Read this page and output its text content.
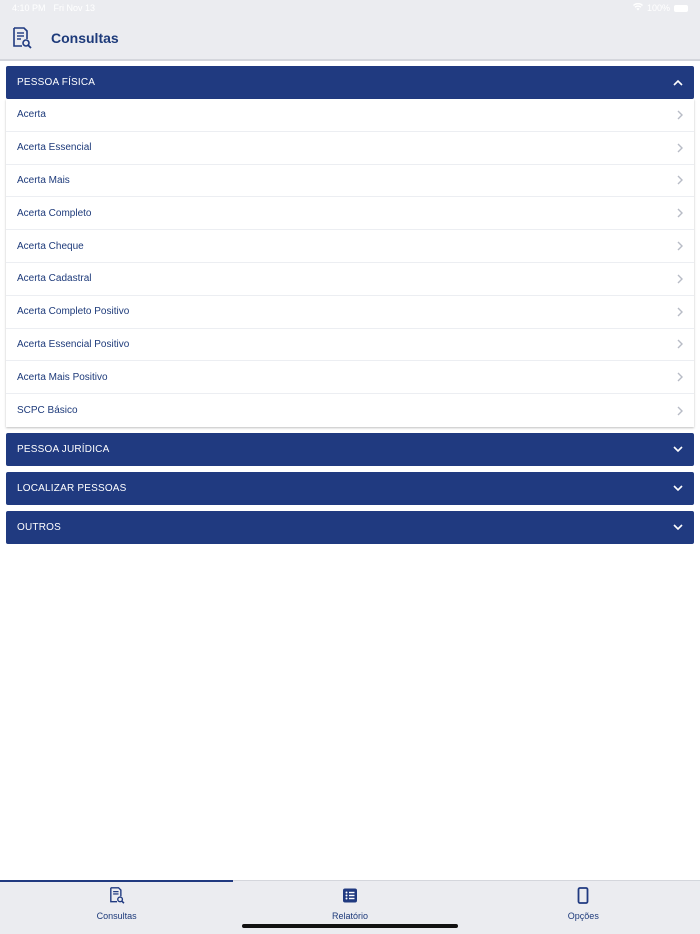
4:10 PM Fri Nov 13	100%
Consultas
PESSOA FÍSICA
Acerta
Acerta Essencial
Acerta Mais
Acerta Completo
Acerta Cheque
Acerta Cadastral
Acerta Completo Positivo
Acerta Essencial Positivo
Acerta Mais Positivo
SCPC Básico
PESSOA JURÍDICA
LOCALIZAR PESSOAS
OUTROS
Consultas	Relatório	Opções
